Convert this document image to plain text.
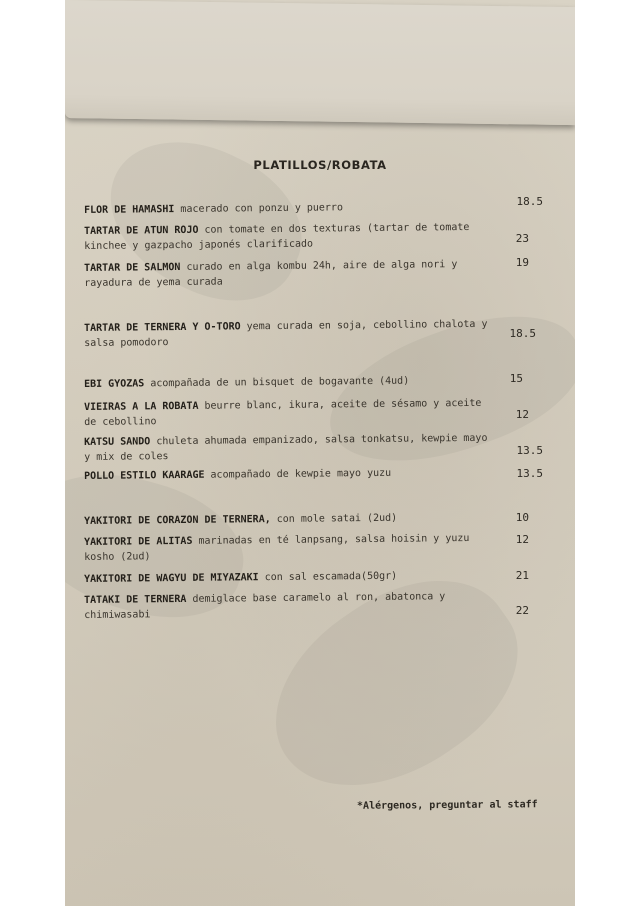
PLATILLOS/ROBATA
FLOR DE HAMASHI macerado con ponzu y puerro
18.5
TARTAR DE ATUN ROJO con tomate en dos texturas (tartar de tomate kinchee y gazpacho japonés clarificado
23
TARTAR DE SALMON curado en alga kombu 24h, aire de alga nori y rayadura de yema curada
19
TARTAR DE TERNERA Y O-TORO yema curada en soja, cebollino chalota y salsa pomodoro
18.5
EBI GYOZAS acompañada de un bisquet de bogavante (4ud)	15
VIEIRAS A LA ROBATA beurre blanc, ikura, aceite de sésamo y aceite de cebollino
12
KATSU SANDO chuleta ahumada empanizado, salsa tonkatsu, kewpie mayo y mix de coles
13.5
POLLO ESTILO KAARAGE acompañado de kewpie mayo yuzu	13.5
YAKITORI DE CORAZON DE TERNERA, con mole satai (2ud)	10
YAKITORI DE ALITAS marinadas en té lanpsang, salsa hoisin y yuzu kosho (2ud)
12
YAKITORI DE WAGYU DE MIYAZAKI con sal escamada(50gr)	21
TATAKI DE TERNERA demiglace base caramelo al ron, abatonca y chimiwasabi	22
*Alérgenos, preguntar al staff
